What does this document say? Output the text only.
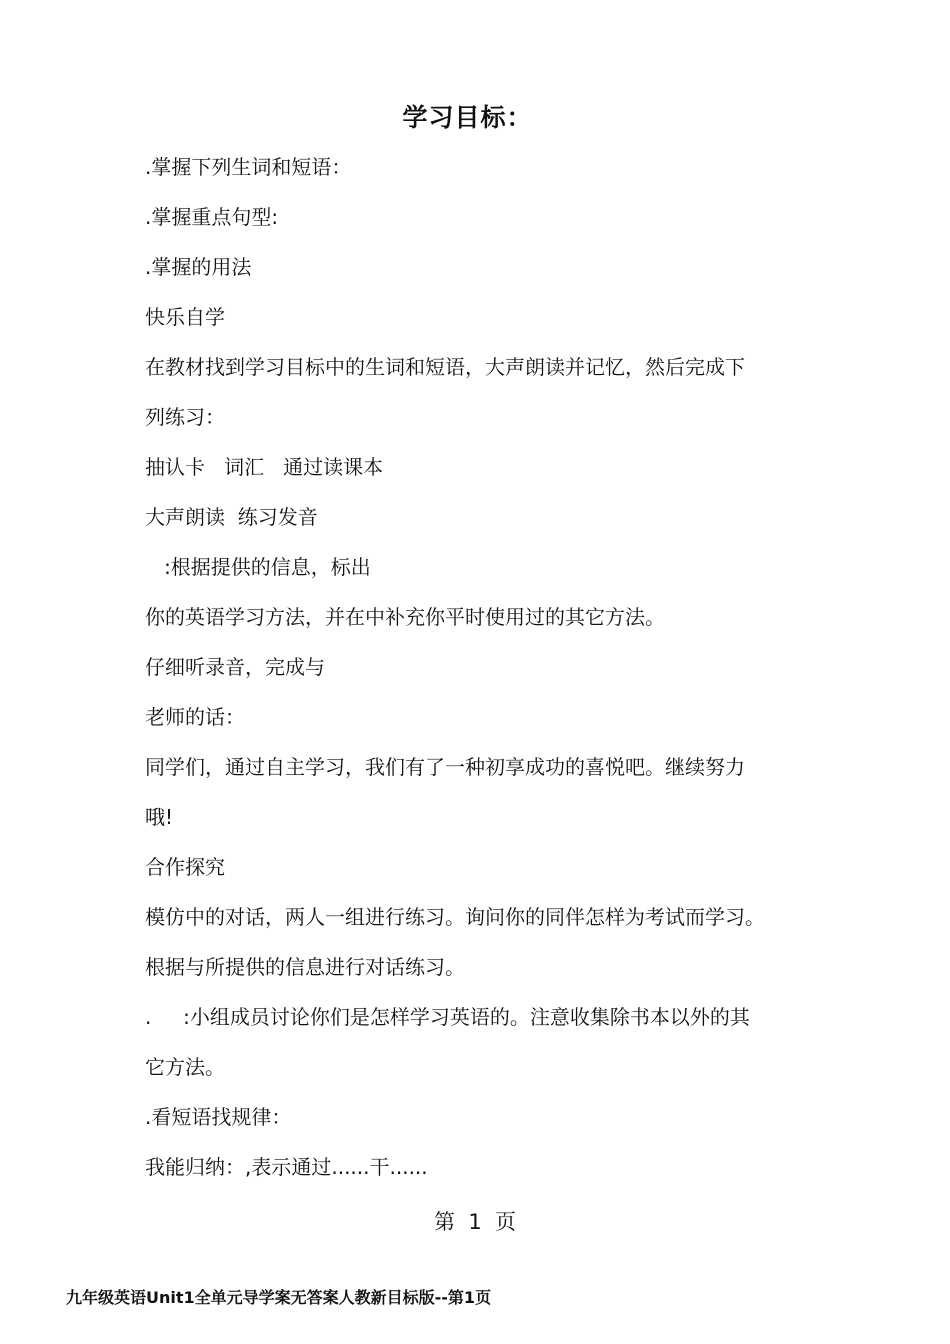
学习目标：
.掌握下列生词和短语：
.掌握重点句型:
.掌握的用法
快乐自学
在教材找到学习目标中的生词和短语，大声朗读并记忆，然后完成下
列练习：
抽认卡   词汇   通过读课本
大声朗读  练习发音
:根据提供的信息，标出
你的英语学习方法，并在中补充你平时使用过的其它方法。
仔细听录音，完成与
老师的话：
同学们，通过自主学习，我们有了一种初享成功的喜悦吧。继续努力
哦!
合作探究
模仿中的对话，两人一组进行练习。询问你的同伴怎样为考试而学习。
根据与所提供的信息进行对话练习。
.     :小组成员讨论你们是怎样学习英语的。注意收集除书本以外的其
它方法。
.看短语找规律：
我能归纳：,表示通过......干......
第  1  页
九年级英语Unit1全单元导学案无答案人教新目标版--第1页
